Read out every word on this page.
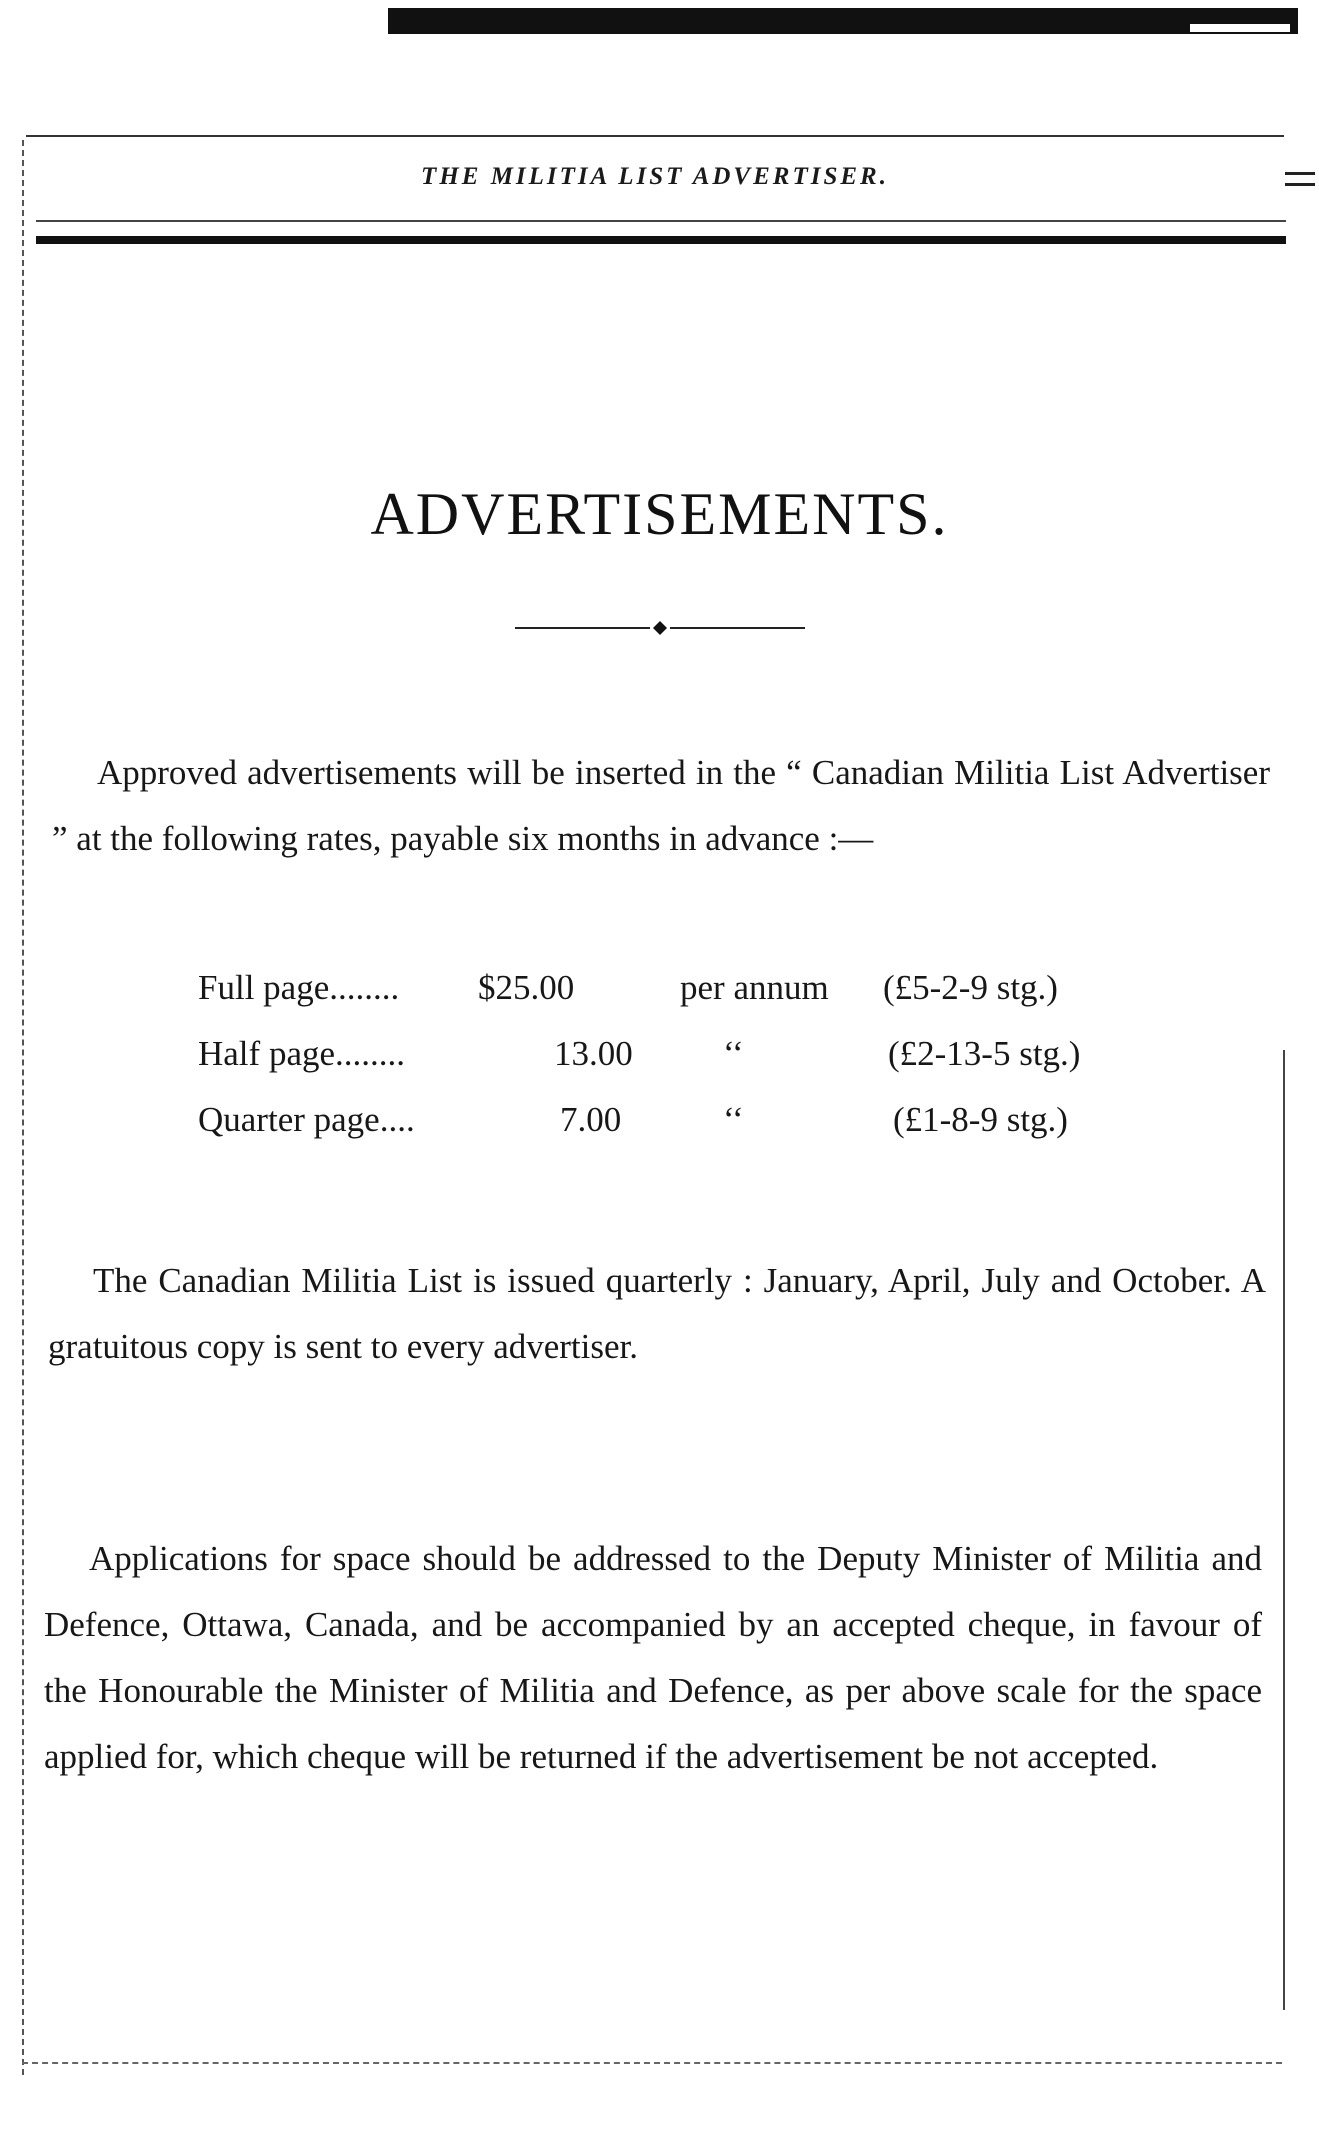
THE MILITIA LIST ADVERTISER.
ADVERTISEMENTS.

Approved advertisements will be inserted in the “ Canadian Militia List Advertiser ” at the following rates, payable six months in advance :—

Full page........ $25.00	per annum (£5-2-9 stg.)
Half page........	13.00	‘‘	(£2-13-5 stg.)
Quarter page....	7.00	‘‘	(£1-8-9 stg.)

The Canadian Militia List is issued quarterly : January, April, July and October. A gratuitous copy is sent to every advertiser.

Applications for space should be addressed to the Deputy Minister of Militia and Defence, Ottawa, Canada, and be accompanied by an accepted cheque, in favour of the Honourable the Minister of Militia and Defence, as per above scale for the space applied for, which cheque will be returned if the advertisement be not accepted.
